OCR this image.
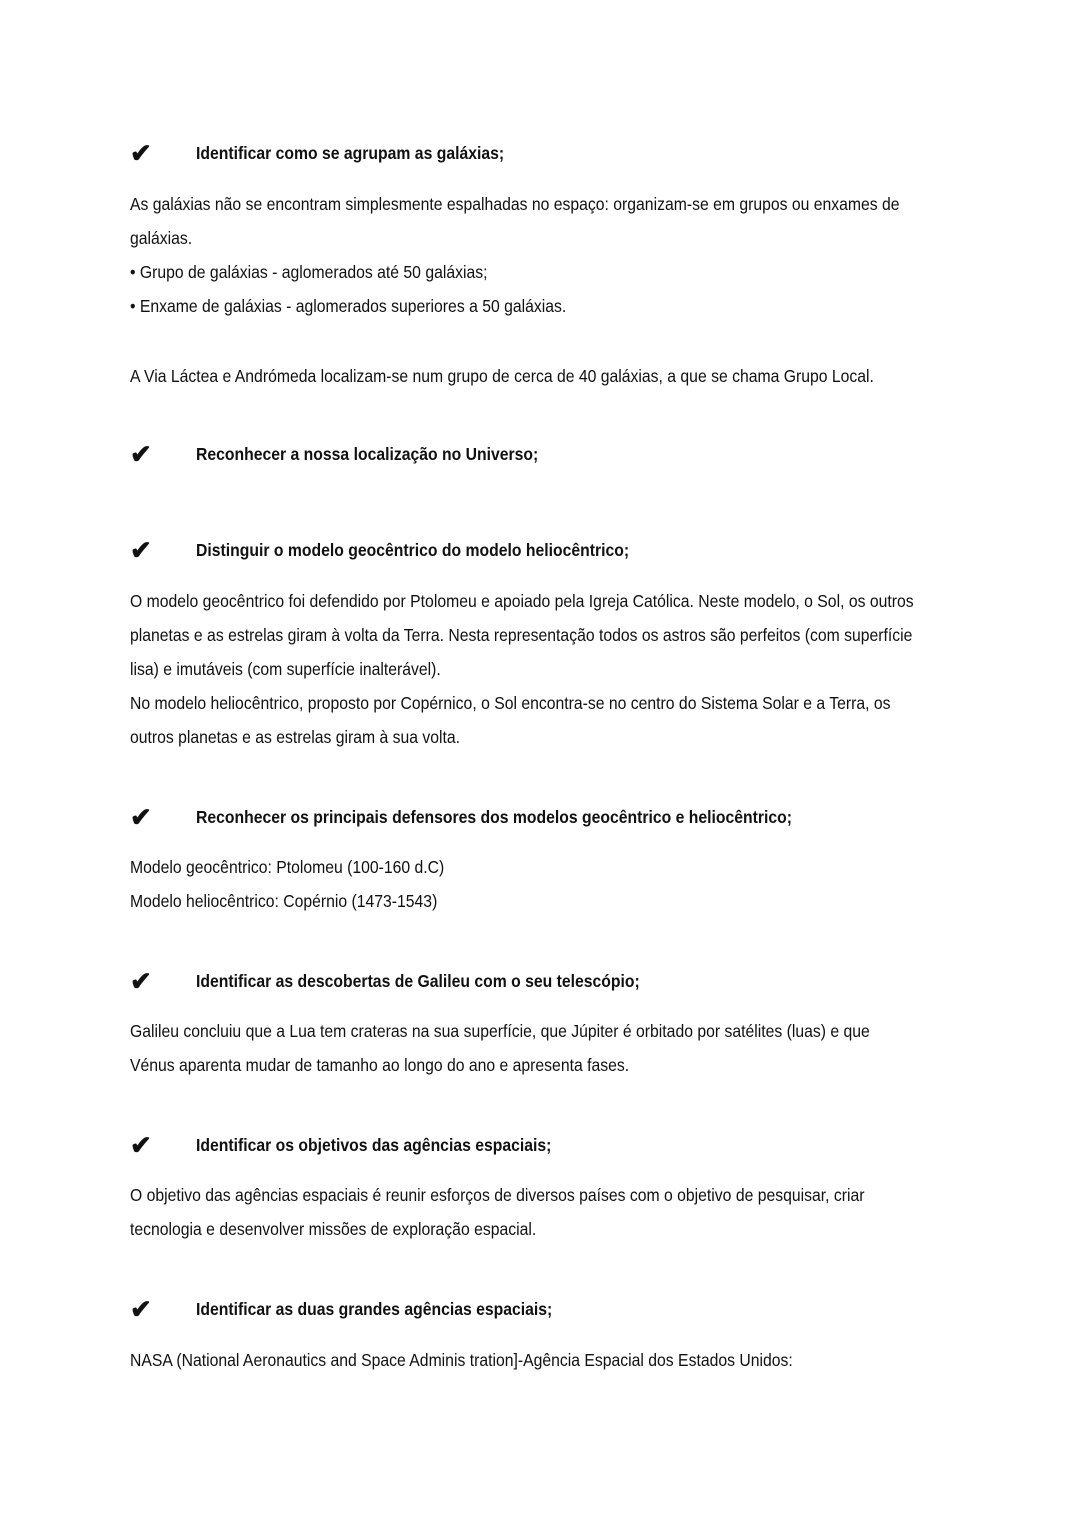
✔	Identificar como se agrupam as galáxias;
As galáxias não se encontram simplesmente espalhadas no espaço: organizam-se em grupos ou enxames de
galáxias.
• Grupo de galáxias - aglomerados até 50 galáxias;
• Enxame de galáxias - aglomerados superiores a 50 galáxias.
A Via Láctea e Andrómeda localizam-se num grupo de cerca de 40 galáxias, a que se chama Grupo Local.
✔	Reconhecer a nossa localização no Universo;
✔	Distinguir o modelo geocêntrico do modelo heliocêntrico;
O modelo geocêntrico foi defendido por Ptolomeu e apoiado pela Igreja Católica. Neste modelo, o Sol, os outros
planetas e as estrelas giram à volta da Terra. Nesta representação todos os astros são perfeitos (com superfície
lisa) e imutáveis (com superfície inalterável).
No modelo heliocêntrico, proposto por Copérnico, o Sol encontra-se no centro do Sistema Solar e a Terra, os
outros planetas e as estrelas giram à sua volta.
✔	Reconhecer os principais defensores dos modelos geocêntrico e heliocêntrico;
Modelo geocêntrico: Ptolomeu (100-160 d.C)
Modelo heliocêntrico: Copérnio (1473-1543)
✔	Identificar as descobertas de Galileu com o seu telescópio;
Galileu concluiu que a Lua tem crateras na sua superfície, que Júpiter é orbitado por satélites (luas) e que
Vénus aparenta mudar de tamanho ao longo do ano e apresenta fases.
✔	Identificar os objetivos das agências espaciais;
O objetivo das agências espaciais é reunir esforços de diversos países com o objetivo de pesquisar, criar
tecnologia e desenvolver missões de exploração espacial.
✔	Identificar as duas grandes agências espaciais;
NASA (National Aeronautics and Space Adminis tration]-Agência Espacial dos Estados Unidos:
